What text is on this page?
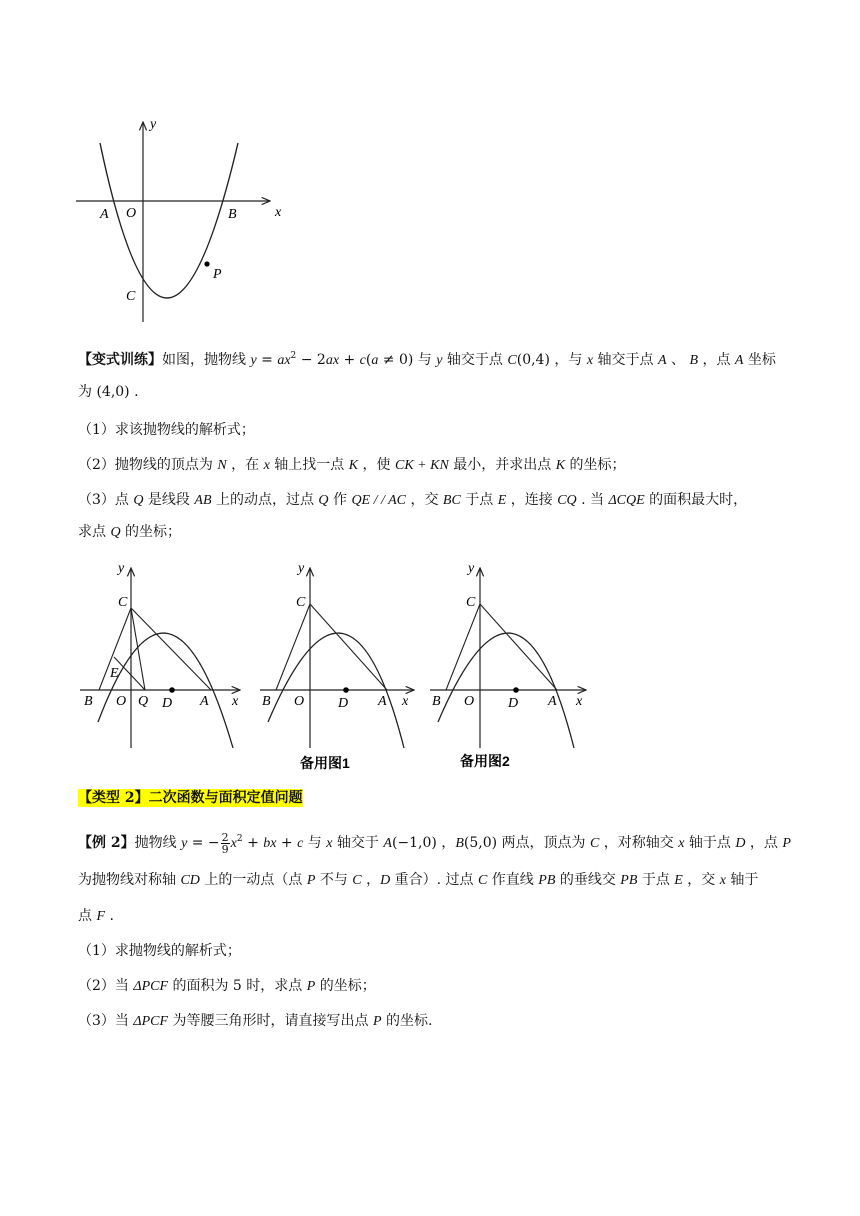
y
x
A O	B
C
P

【变式训练】如图，抛物线 $y = ax^2 - 2ax + c(a \ne 0)$ 与 y 轴交于点 C(0,4) ，与 x 轴交于点 A 、 B ，点 A 坐标

为 (4,0) .

（1）求该抛物线的解析式；

（2）抛物线的顶点为 N ，在 x 轴上找一点 K ，使 CK + KN 最小，并求出点 K 的坐标；

（3）点 Q 是线段 AB 上的动点，过点 Q 作 QE / / AC ，交 BC 于点 E ，连接 CQ . 当 ΔCQE 的面积最大时，

求点 Q 的坐标；

y
C
E
B O Q D A x
y
C
B O D A x
备用图1
y
C
B O D A x
备用图2

【类型 2】二次函数与面积定值问题

【例 2】抛物线 y = − $\frac{2}{9} x^2$ + bx + c 与 x 轴交于 A(−1,0) ，B(5,0) 两点，顶点为 C ，对称轴交 x 轴于点 D ，点 P

为抛物线对称轴 CD 上的一动点（点 P 不与 C ，D 重合）. 过点 C 作直线 PB 的垂线交 PB 于点 E ，交 x 轴于

点 F .

（1）求抛物线的解析式；

（2）当 ΔPCF 的面积为 5 时，求点 P 的坐标；

（3）当 ΔPCF 为等腰三角形时，请直接写出点 P 的坐标.
